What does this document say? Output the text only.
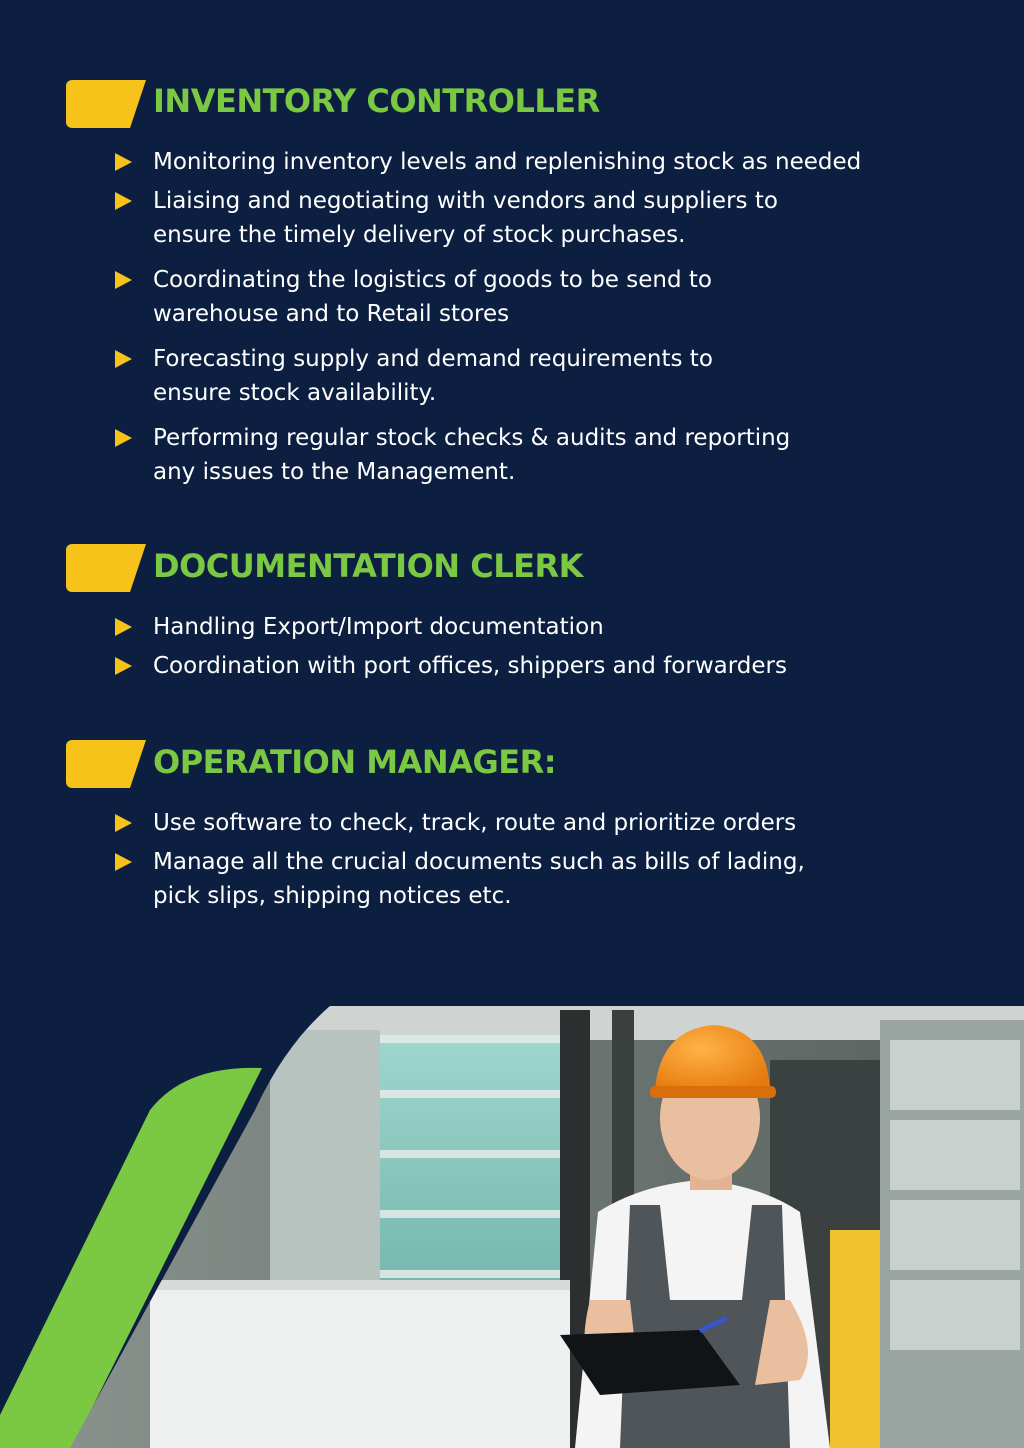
INVENTORY CONTROLLER
Monitoring inventory levels and replenishing stock as needed
Liaising and negotiating with vendors and suppliers to
ensure the timely delivery of stock purchases.
Coordinating the logistics of goods to be send to
warehouse and to Retail stores
Forecasting supply and demand requirements to
ensure stock availability.
Performing regular stock checks & audits and reporting
any issues to the Management.
DOCUMENTATION CLERK
Handling Export/Import documentation
Coordination with port offices, shippers and forwarders
OPERATION MANAGER:
Use software to check, track, route and prioritize orders
Manage all the crucial documents such as bills of lading,
pick slips, shipping notices etc.
